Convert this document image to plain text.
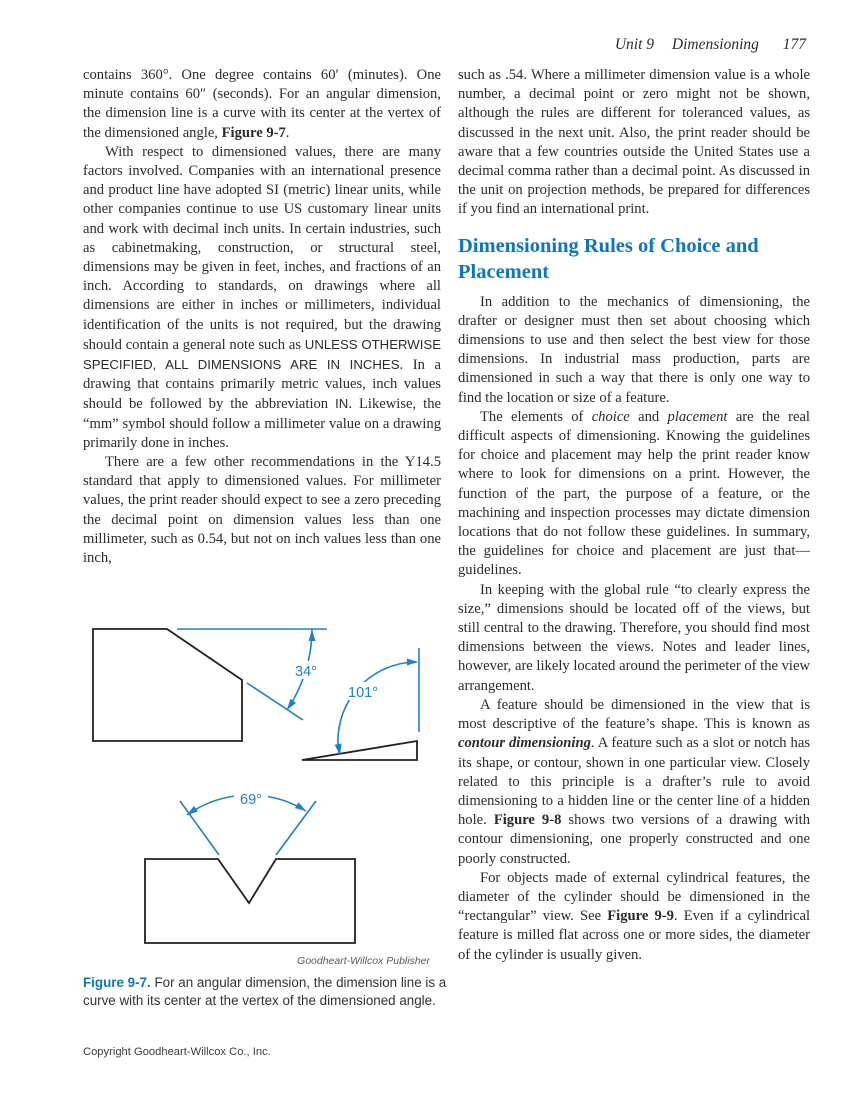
Unit 9 Dimensioning 177

contains 360°. One degree contains 60′ (minutes). One minute contains 60″ (seconds). For an angular dimension, the dimension line is a curve with its center at the vertex of the dimensioned angle, Figure 9-7.

With respect to dimensioned values, there are many factors involved. Companies with an international presence and product line have adopted SI (metric) linear units, while other companies continue to use US customary linear units and work with decimal inch units. In certain industries, such as cabinetmaking, construction, or structural steel, dimensions may be given in feet, inches, and fractions of an inch. According to standards, on drawings where all dimensions are either in inches or millimeters, individual identification of the units is not required, but the drawing should contain a general note such as UNLESS OTHERWISE SPECIFIED, ALL DIMENSIONS ARE IN INCHES. In a drawing that contains primarily metric values, inch values should be followed by the abbreviation IN. Likewise, the “mm” symbol should follow a millimeter value on a drawing primarily done in inches.

There are a few other recommendations in the Y14.5 standard that apply to dimensioned values. For millimeter values, the print reader should expect to see a zero preceding the decimal point on dimension values less than one millimeter, such as 0.54, but not on inch values less than one inch,

such as .54. Where a millimeter dimension value is a whole number, a decimal point or zero might not be shown, although the rules are different for toleranced values, as discussed in the next unit. Also, the print reader should be aware that a few countries outside the United States use a decimal comma rather than a decimal point. As discussed in the unit on projection methods, be prepared for differences if you find an international print.

Dimensioning Rules of Choice and Placement

In addition to the mechanics of dimensioning, the drafter or designer must then set about choosing which dimensions to use and then select the best view for those dimensions. In industrial mass production, parts are dimensioned in such a way that there is only one way to find the location or size of a feature.

The elements of choice and placement are the real difficult aspects of dimensioning. Knowing the guidelines for choice and placement may help the print reader know where to look for dimensions on a print. However, the function of the part, the purpose of a feature, or the machining and inspection processes may dictate dimension locations that do not follow these guidelines. In summary, the guidelines for choice and placement are just that—guidelines.

In keeping with the global rule “to clearly express the size,” dimensions should be located off of the views, but still central to the drawing. Therefore, you should find most dimensions between the views. Notes and leader lines, however, are likely located around the perimeter of the view arrangement.

A feature should be dimensioned in the view that is most descriptive of the feature’s shape. This is known as contour dimensioning. A feature such as a slot or notch has its shape, or contour, shown in one particular view. Closely related to this principle is a drafter’s rule to avoid dimensioning to a hidden line or the center line of a hidden hole. Figure 9-8 shows two versions of a drawing with contour dimensioning, one properly constructed and one poorly constructed.

For objects made of external cylindrical features, the diameter of the cylinder should be dimensioned in the “rectangular” view. See Figure 9-9. Even if a cylindrical feature is milled flat across one or more sides, the diameter of the cylinder is usually given.

34°
101°
69°
Goodheart-Willcox Publisher
Figure 9-7. For an angular dimension, the dimension line is a curve with its center at the vertex of the dimensioned angle.
Copyright Goodheart-Willcox Co., Inc.
